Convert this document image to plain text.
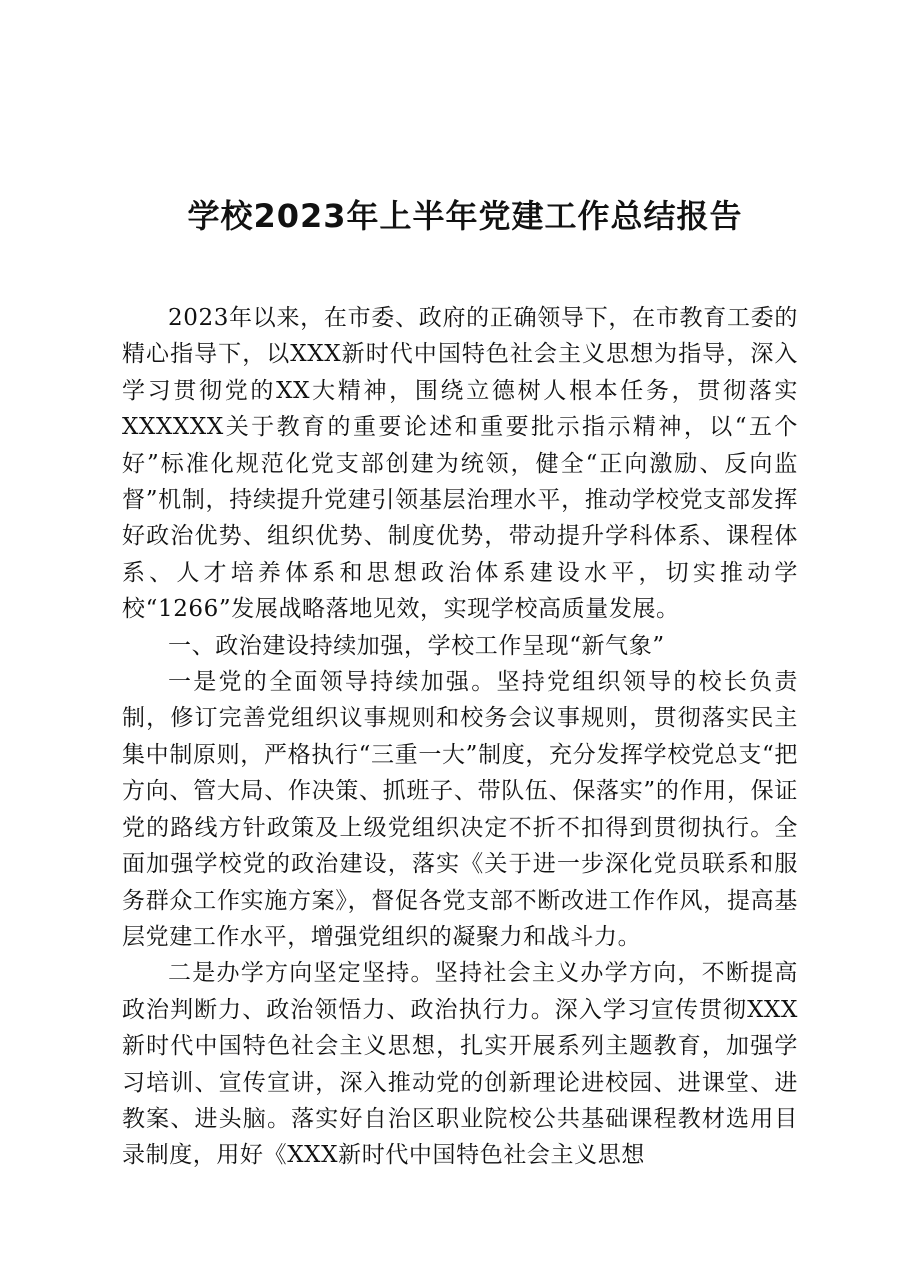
学校2023年上半年党建工作总结报告

2023年以来，在市委、政府的正确领导下，在市教育工委的精心指导下，以XXX新时代中国特色社会主义思想为指导，深入学习贯彻党的XX大精神，围绕立德树人根本任务，贯彻落实XXXXXX关于教育的重要论述和重要批示指示精神，以“五个好”标准化规范化党支部创建为统领，健全“正向激励、反向监督”机制，持续提升党建引领基层治理水平，推动学校党支部发挥好政治优势、组织优势、制度优势，带动提升学科体系、课程体系、人才培养体系和思想政治体系建设水平，切实推动学校“1266”发展战略落地见效，实现学校高质量发展。

一、政治建设持续加强，学校工作呈现“新气象”

一是党的全面领导持续加强。坚持党组织领导的校长负责制，修订完善党组织议事规则和校务会议事规则，贯彻落实民主集中制原则，严格执行“三重一大”制度，充分发挥学校党总支“把方向、管大局、作决策、抓班子、带队伍、保落实”的作用，保证党的路线方针政策及上级党组织决定不折不扣得到贯彻执行。全面加强学校党的政治建设，落实《关于进一步深化党员联系和服务群众工作实施方案》，督促各党支部不断改进工作作风，提高基层党建工作水平，增强党组织的凝聚力和战斗力。

二是办学方向坚定坚持。坚持社会主义办学方向，不断提高政治判断力、政治领悟力、政治执行力。深入学习宣传贯彻XXX新时代中国特色社会主义思想，扎实开展系列主题教育，加强学习培训、宣传宣讲，深入推动党的创新理论进校园、进课堂、进教案、进头脑。落实好自治区职业院校公共基础课程教材选用目录制度，用好《XXX新时代中国特色社会主义思想
